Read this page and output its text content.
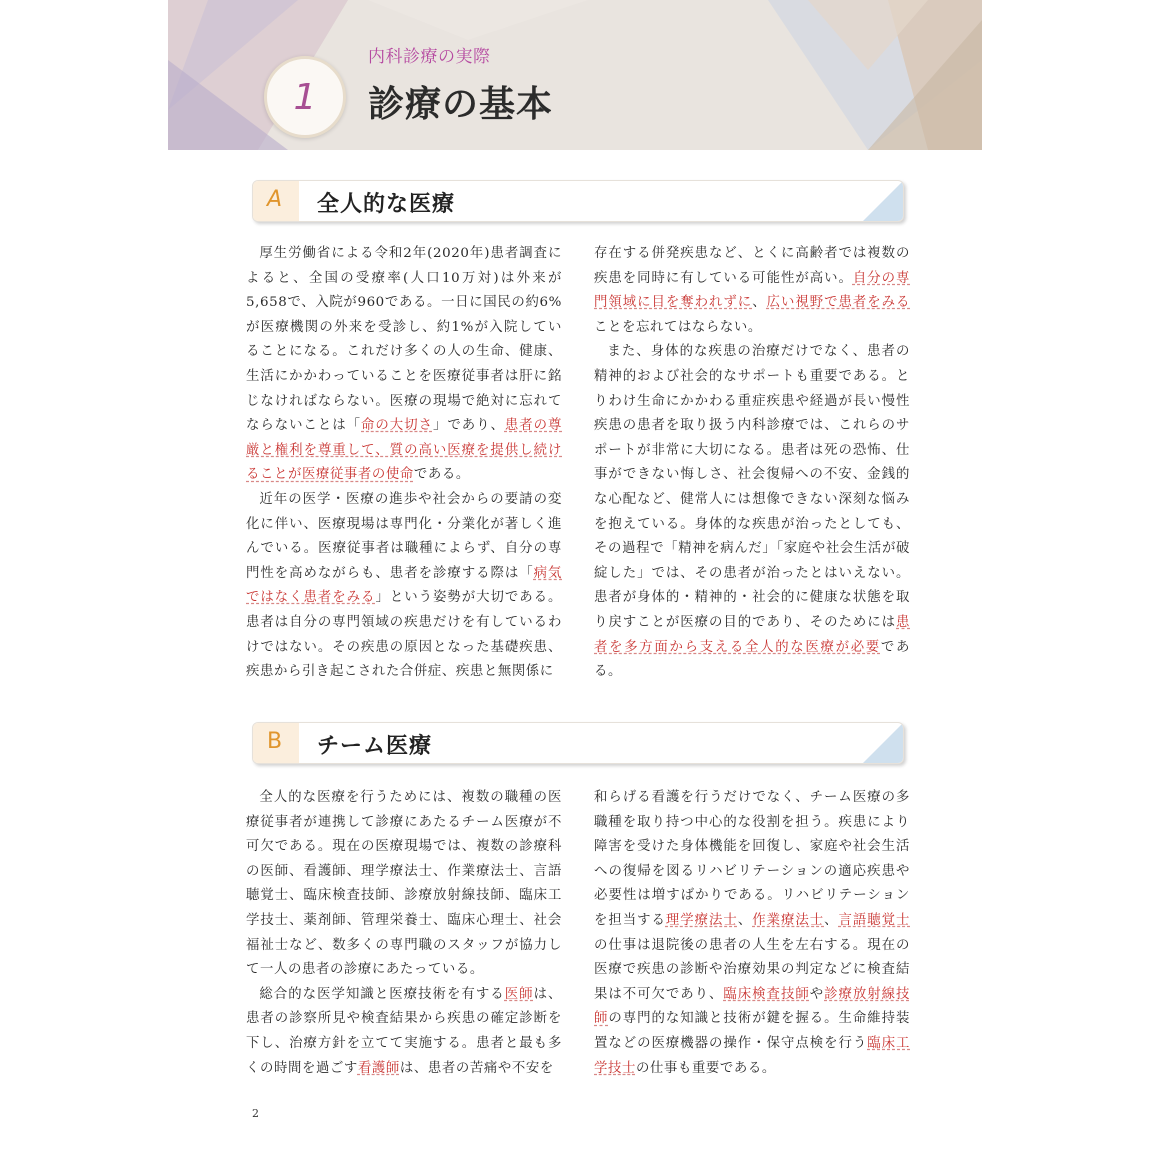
1
内科診療の実際
診療の基本
A 全人的な医療

厚生労働省による令和2年(2020年)患者調査によると、全国の受療率(人口10万対)は外来が5,658で、入院が960である。一日に国民の約6%が医療機関の外来を受診し、約1%が入院していることになる。これだけ多くの人の生命、健康、生活にかかわっていることを医療従事者は肝に銘じなければならない。医療の現場で絶対に忘れてならないことは「命の大切さ」であり、患者の尊厳と権利を尊重して、質の高い医療を提供し続けることが医療従事者の使命である。

近年の医学・医療の進歩や社会からの要請の変化に伴い、医療現場は専門化・分業化が著しく進んでいる。医療従事者は職種によらず、自分の専門性を高めながらも、患者を診療する際は「病気ではなく患者をみる」という姿勢が大切である。患者は自分の専門領域の疾患だけを有しているわけではない。その疾患の原因となった基礎疾患、疾患から引き起こされた合併症、疾患と無関係に

存在する併発疾患など、とくに高齢者では複数の疾患を同時に有している可能性が高い。自分の専門領域に目を奪われずに、広い視野で患者をみることを忘れてはならない。

また、身体的な疾患の治療だけでなく、患者の精神的および社会的なサポートも重要である。とりわけ生命にかかわる重症疾患や経過が長い慢性疾患の患者を取り扱う内科診療では、これらのサポートが非常に大切になる。患者は死の恐怖、仕事ができない悔しさ、社会復帰への不安、金銭的な心配など、健常人には想像できない深刻な悩みを抱えている。身体的な疾患が治ったとしても、その過程で「精神を病んだ」「家庭や社会生活が破綻した」では、その患者が治ったとはいえない。患者が身体的・精神的・社会的に健康な状態を取り戻すことが医療の目的であり、そのためには患者を多方面から支える全人的な医療が必要である。

B チーム医療

全人的な医療を行うためには、複数の職種の医療従事者が連携して診療にあたるチーム医療が不可欠である。現在の医療現場では、複数の診療科の医師、看護師、理学療法士、作業療法士、言語聴覚士、臨床検査技師、診療放射線技師、臨床工学技士、薬剤師、管理栄養士、臨床心理士、社会福祉士など、数多くの専門職のスタッフが協力して一人の患者の診療にあたっている。

総合的な医学知識と医療技術を有する医師は、患者の診察所見や検査結果から疾患の確定診断を下し、治療方針を立てて実施する。患者と最も多くの時間を過ごす看護師は、患者の苦痛や不安を

和らげる看護を行うだけでなく、チーム医療の多職種を取り持つ中心的な役割を担う。疾患により障害を受けた身体機能を回復し、家庭や社会生活への復帰を図るリハビリテーションの適応疾患や必要性は増すばかりである。リハビリテーションを担当する理学療法士、作業療法士、言語聴覚士の仕事は退院後の患者の人生を左右する。現在の医療で疾患の診断や治療効果の判定などに検査結果は不可欠であり、臨床検査技師や診療放射線技師の専門的な知識と技術が鍵を握る。生命維持装置などの医療機器の操作・保守点検を行う臨床工学技士の仕事も重要である。

2
